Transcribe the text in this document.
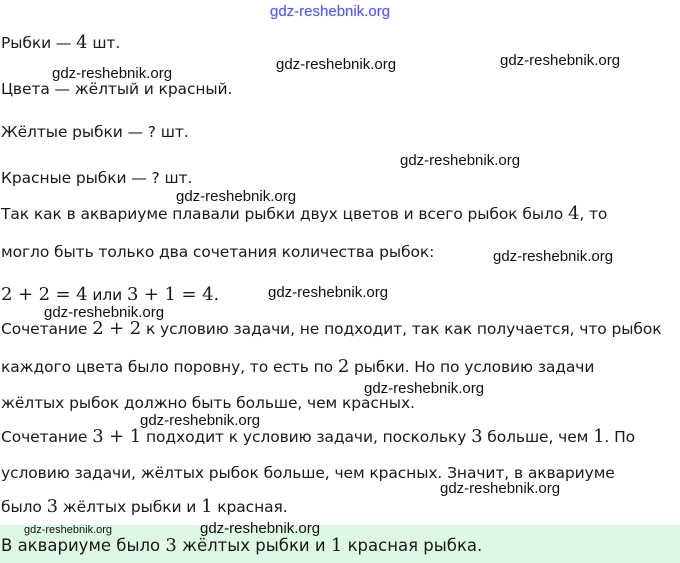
gdz-reshebnik.org
Рыбки — 4 шт.
Цвета — жёлтый и красный.
Жёлтые рыбки — ? шт.
Красные рыбки — ? шт.
Так как в аквариуме плавали рыбки двух цветов и всего рыбок было 4, то
могло быть только два сочетания количества рыбок:
2 + 2 = 4 или 3 + 1 = 4.
Сочетание 2 + 2 к условию задачи, не подходит, так как получается, что рыбок
каждого цвета было поровну, то есть по 2 рыбки. Но по условию задачи
жёлтых рыбок должно быть больше, чем красных.
Сочетание 3 + 1 подходит к условию задачи, поскольку 3 больше, чем 1. По
условию задачи, жёлтых рыбок больше, чем красных. Значит, в аквариуме
было 3 жёлтых рыбки и 1 красная.
В аквариуме было 3 жёлтых рыбки и 1 красная рыбка.
gdz-reshebnik.org
gdz-reshebnik.org	gdz-reshebnik.org
gdz-reshebnik.org
gdz-reshebnik.org
gdz-reshebnik.org
gdz-reshebnik.org
gdz-reshebnik.org
gdz-reshebnik.org
gdz-reshebnik.org
gdz-reshebnik.org
gdz-reshebnik.org
gdz-reshebnik.org
